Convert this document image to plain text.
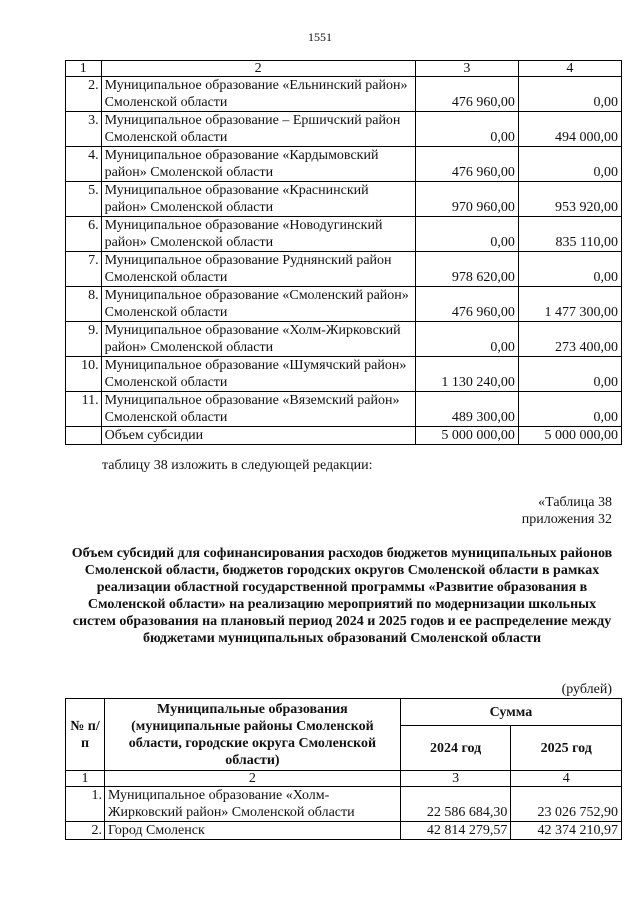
1551
1	2	3	4
2.	Муниципальное образование «Ельнинский район» Смоленской области	476 960,00	0,00
3.	Муниципальное образование – Ершичский район Смоленской области	0,00	494 000,00
4.	Муниципальное образование «Кардымовский район» Смоленской области	476 960,00	0,00
5.	Муниципальное образование «Краснинский район» Смоленской области	970 960,00	953 920,00
6.	Муниципальное образование «Новодугинский район» Смоленской области	0,00	835 110,00
7.	Муниципальное образование Руднянский район Смоленской области	978 620,00	0,00
8.	Муниципальное образование «Смоленский район» Смоленской области	476 960,00	1 477 300,00
9.	Муниципальное образование «Холм-Жирковский район» Смоленской области	0,00	273 400,00
10.	Муниципальное образование «Шумячский район» Смоленской области	1 130 240,00	0,00
11.	Муниципальное образование «Вяземский район» Смоленской области	489 300,00	0,00
	Объем субсидии	5 000 000,00	5 000 000,00
таблицу 38 изложить в следующей редакции:
«Таблица 38
приложения 32
Объем субсидий для софинансирования расходов бюджетов муниципальных районов Смоленской области, бюджетов городских округов Смоленской области в рамках реализации областной государственной программы «Развитие образования в Смоленской области» на реализацию мероприятий по модернизации школьных систем образования на плановый период 2024 и 2025 годов и ее распределение между бюджетами муниципальных образований Смоленской области
(рублей)
№ п/п	Муниципальные образования (муниципальные районы Смоленской области, городские округа Смоленской области)	Сумма	
		2024 год	2025 год
1	2	3	4
1.	Муниципальное образование «Холм-Жирковский район» Смоленской области	22 586 684,30	23 026 752,90
2.	Город Смоленск	42 814 279,57	42 374 210,97
